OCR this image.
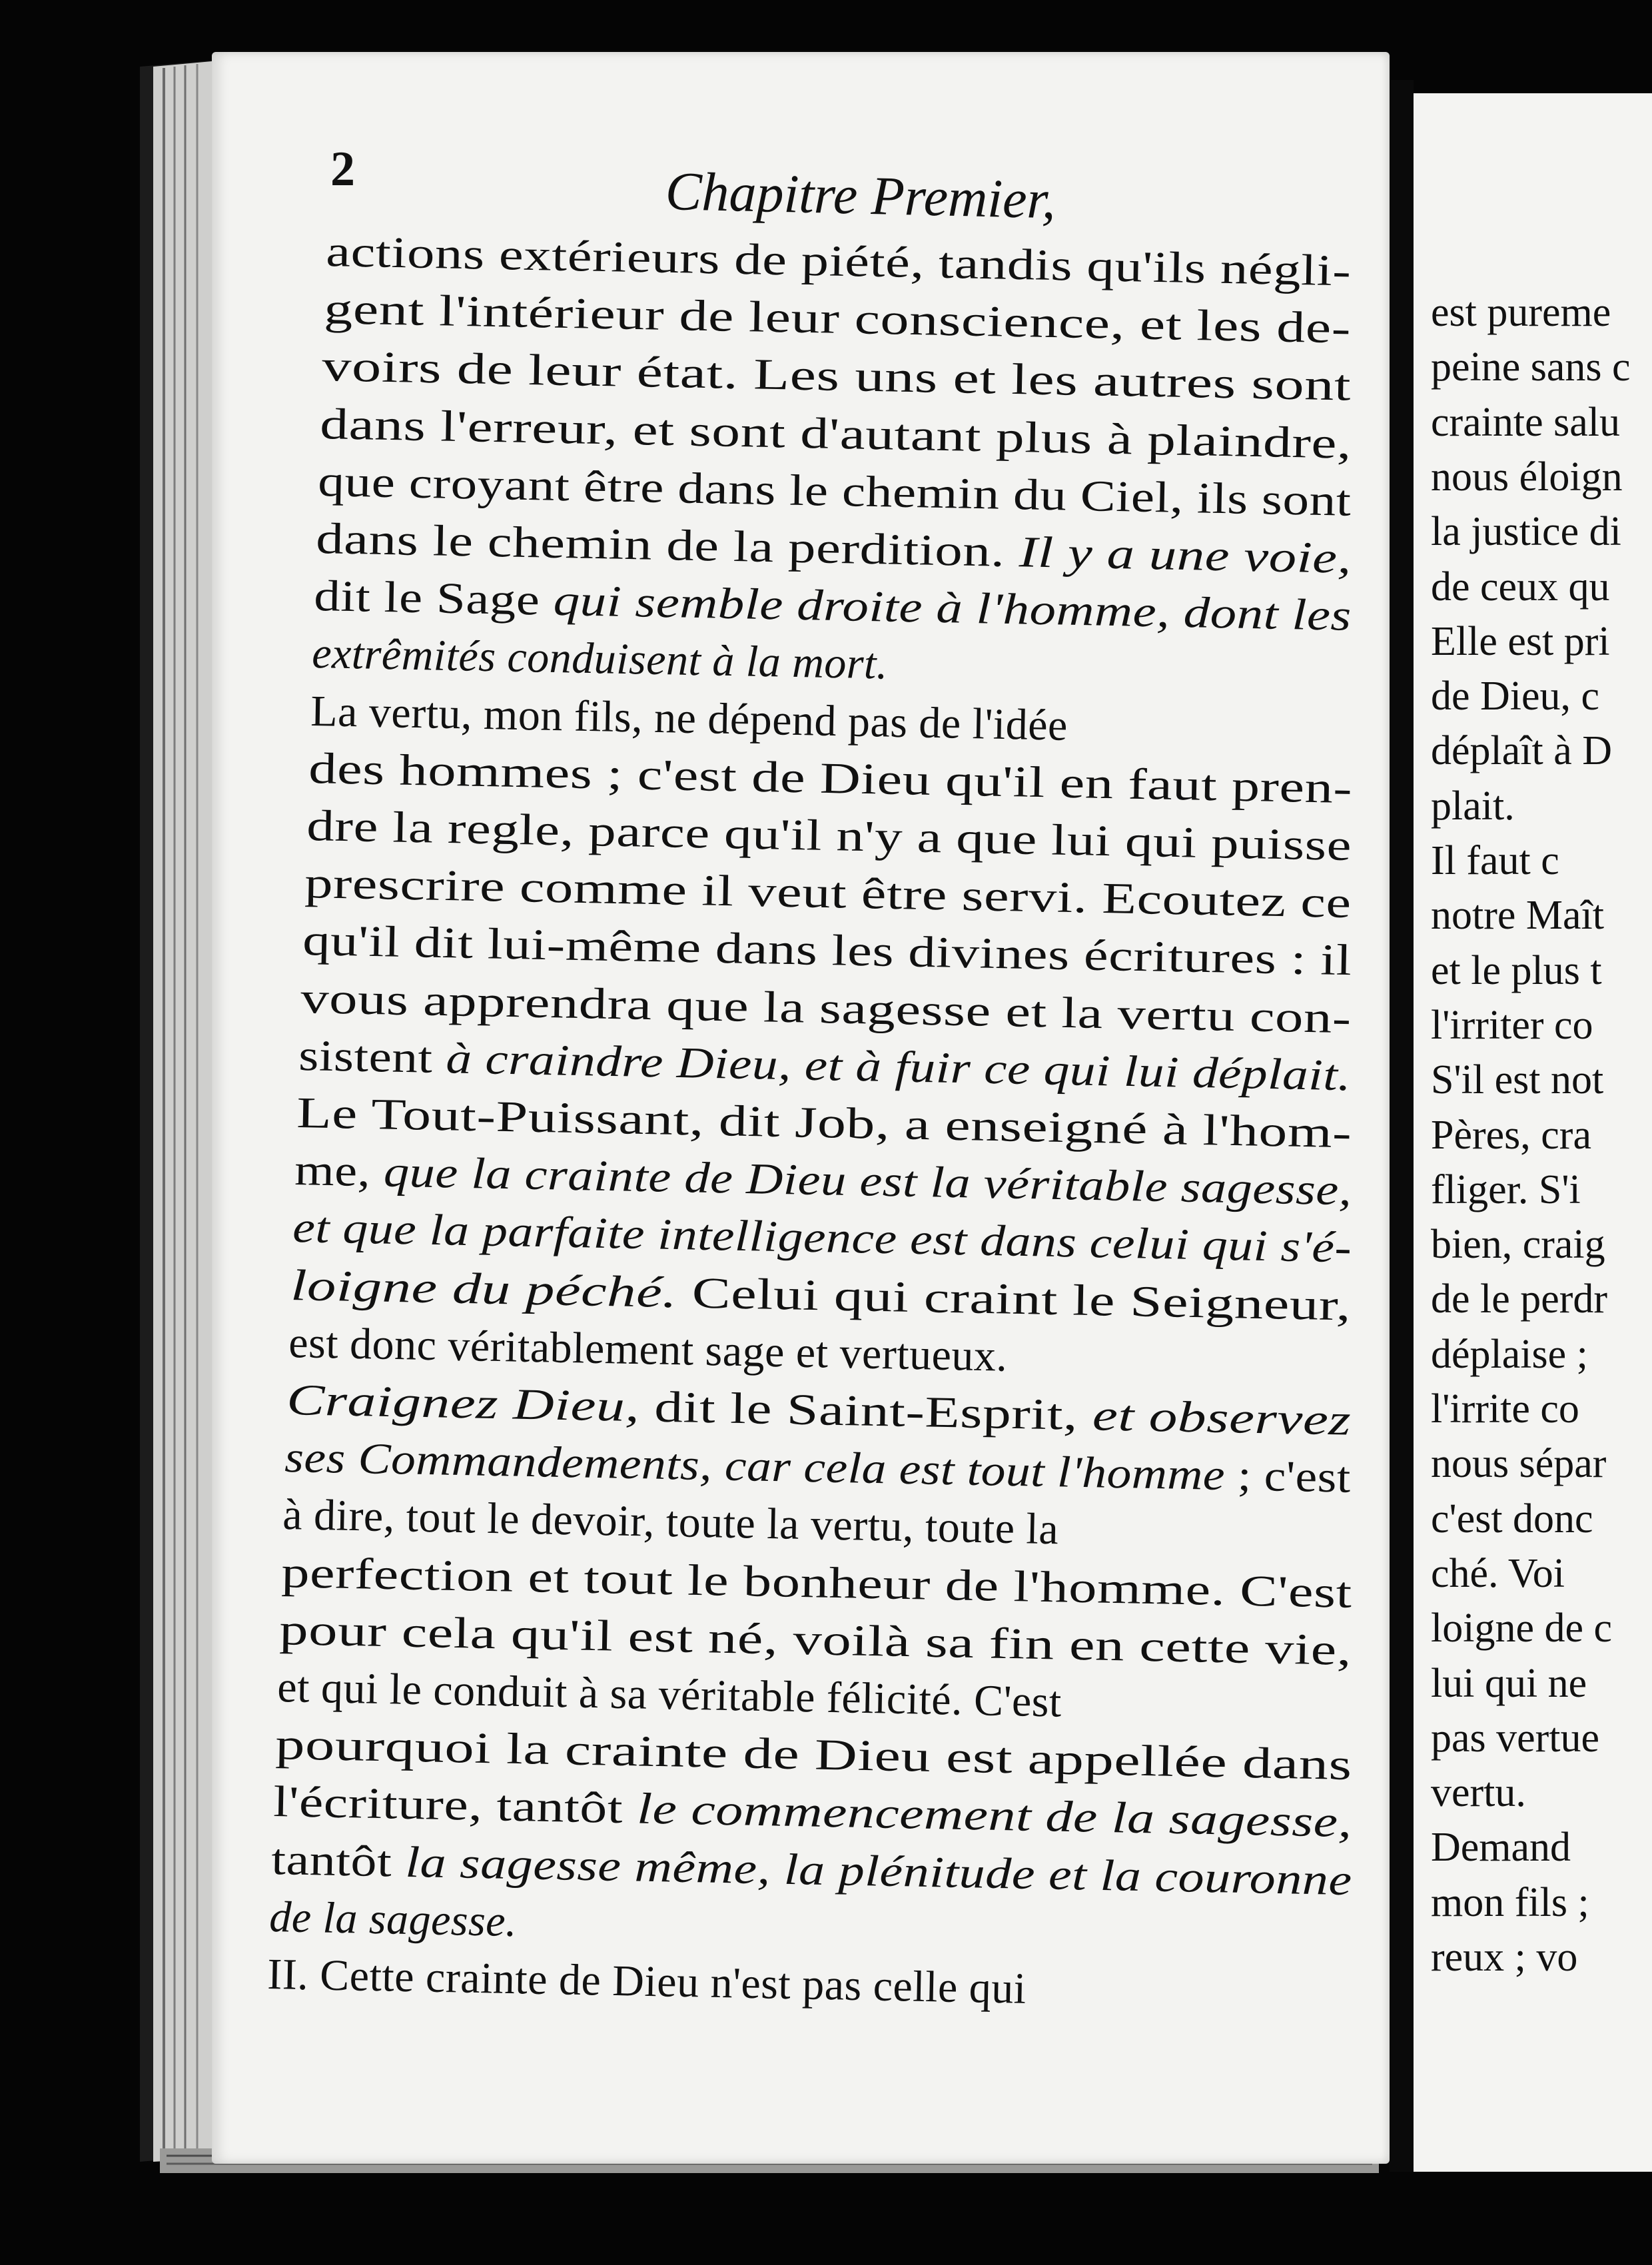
2	Chapitre Premier,
actions extérieurs de piété, tandis qu'ils négli-
gent l'intérieur de leur conscience, et les de-
voirs de leur état. Les uns et les autres sont
dans l'erreur, et sont d'autant plus à plaindre,
que croyant être dans le chemin du Ciel, ils sont
dans le chemin de la perdition. Il y a une voie,
dit le Sage qui semble droite à l'homme, dont les
extrêmités conduisent à la mort.
La vertu, mon fils, ne dépend pas de l'idée
des hommes ; c'est de Dieu qu'il en faut pren-
dre la regle, parce qu'il n'y a que lui qui puisse
prescrire comme il veut être servi. Ecoutez ce
qu'il dit lui-même dans les divines écritures : il
vous apprendra que la sagesse et la vertu con-
sistent à craindre Dieu, et à fuir ce qui lui déplait.
Le Tout-Puissant, dit Job, a enseigné à l'hom-
me, que la crainte de Dieu est la véritable sagesse,
et que la parfaite intelligence est dans celui qui s'é-
loigne du péché. Celui qui craint le Seigneur,
est donc véritablement sage et vertueux.
Craignez Dieu, dit le Saint-Esprit, et observez
ses Commandements, car cela est tout l'homme ; c'est
à dire, tout le devoir, toute la vertu, toute la
perfection et tout le bonheur de l'homme. C'est
pour cela qu'il est né, voilà sa fin en cette vie,
et qui le conduit à sa véritable félicité. C'est
pourquoi la crainte de Dieu est appellée dans
l'écriture, tantôt le commencement de la sagesse,
tantôt la sagesse même, la plénitude et la couronne
de la sagesse.
II. Cette crainte de Dieu n'est pas celle qui
est pureme
peine sans c
crainte salu
nous éloign
la justice di
de ceux qu
Elle est pri
de Dieu, c
déplaît à D
plait.
Il faut c
notre Maît
et le plus t
l'irriter co
S'il est not
Pères, cra
fliger. S'i
bien, craig
de le perdr
déplaise ;
l'irrite co
nous sépar
c'est donc
ché. Voi
loigne de c
lui qui ne
pas vertue
vertu.
Demand
mon fils ;
reux ; vo
